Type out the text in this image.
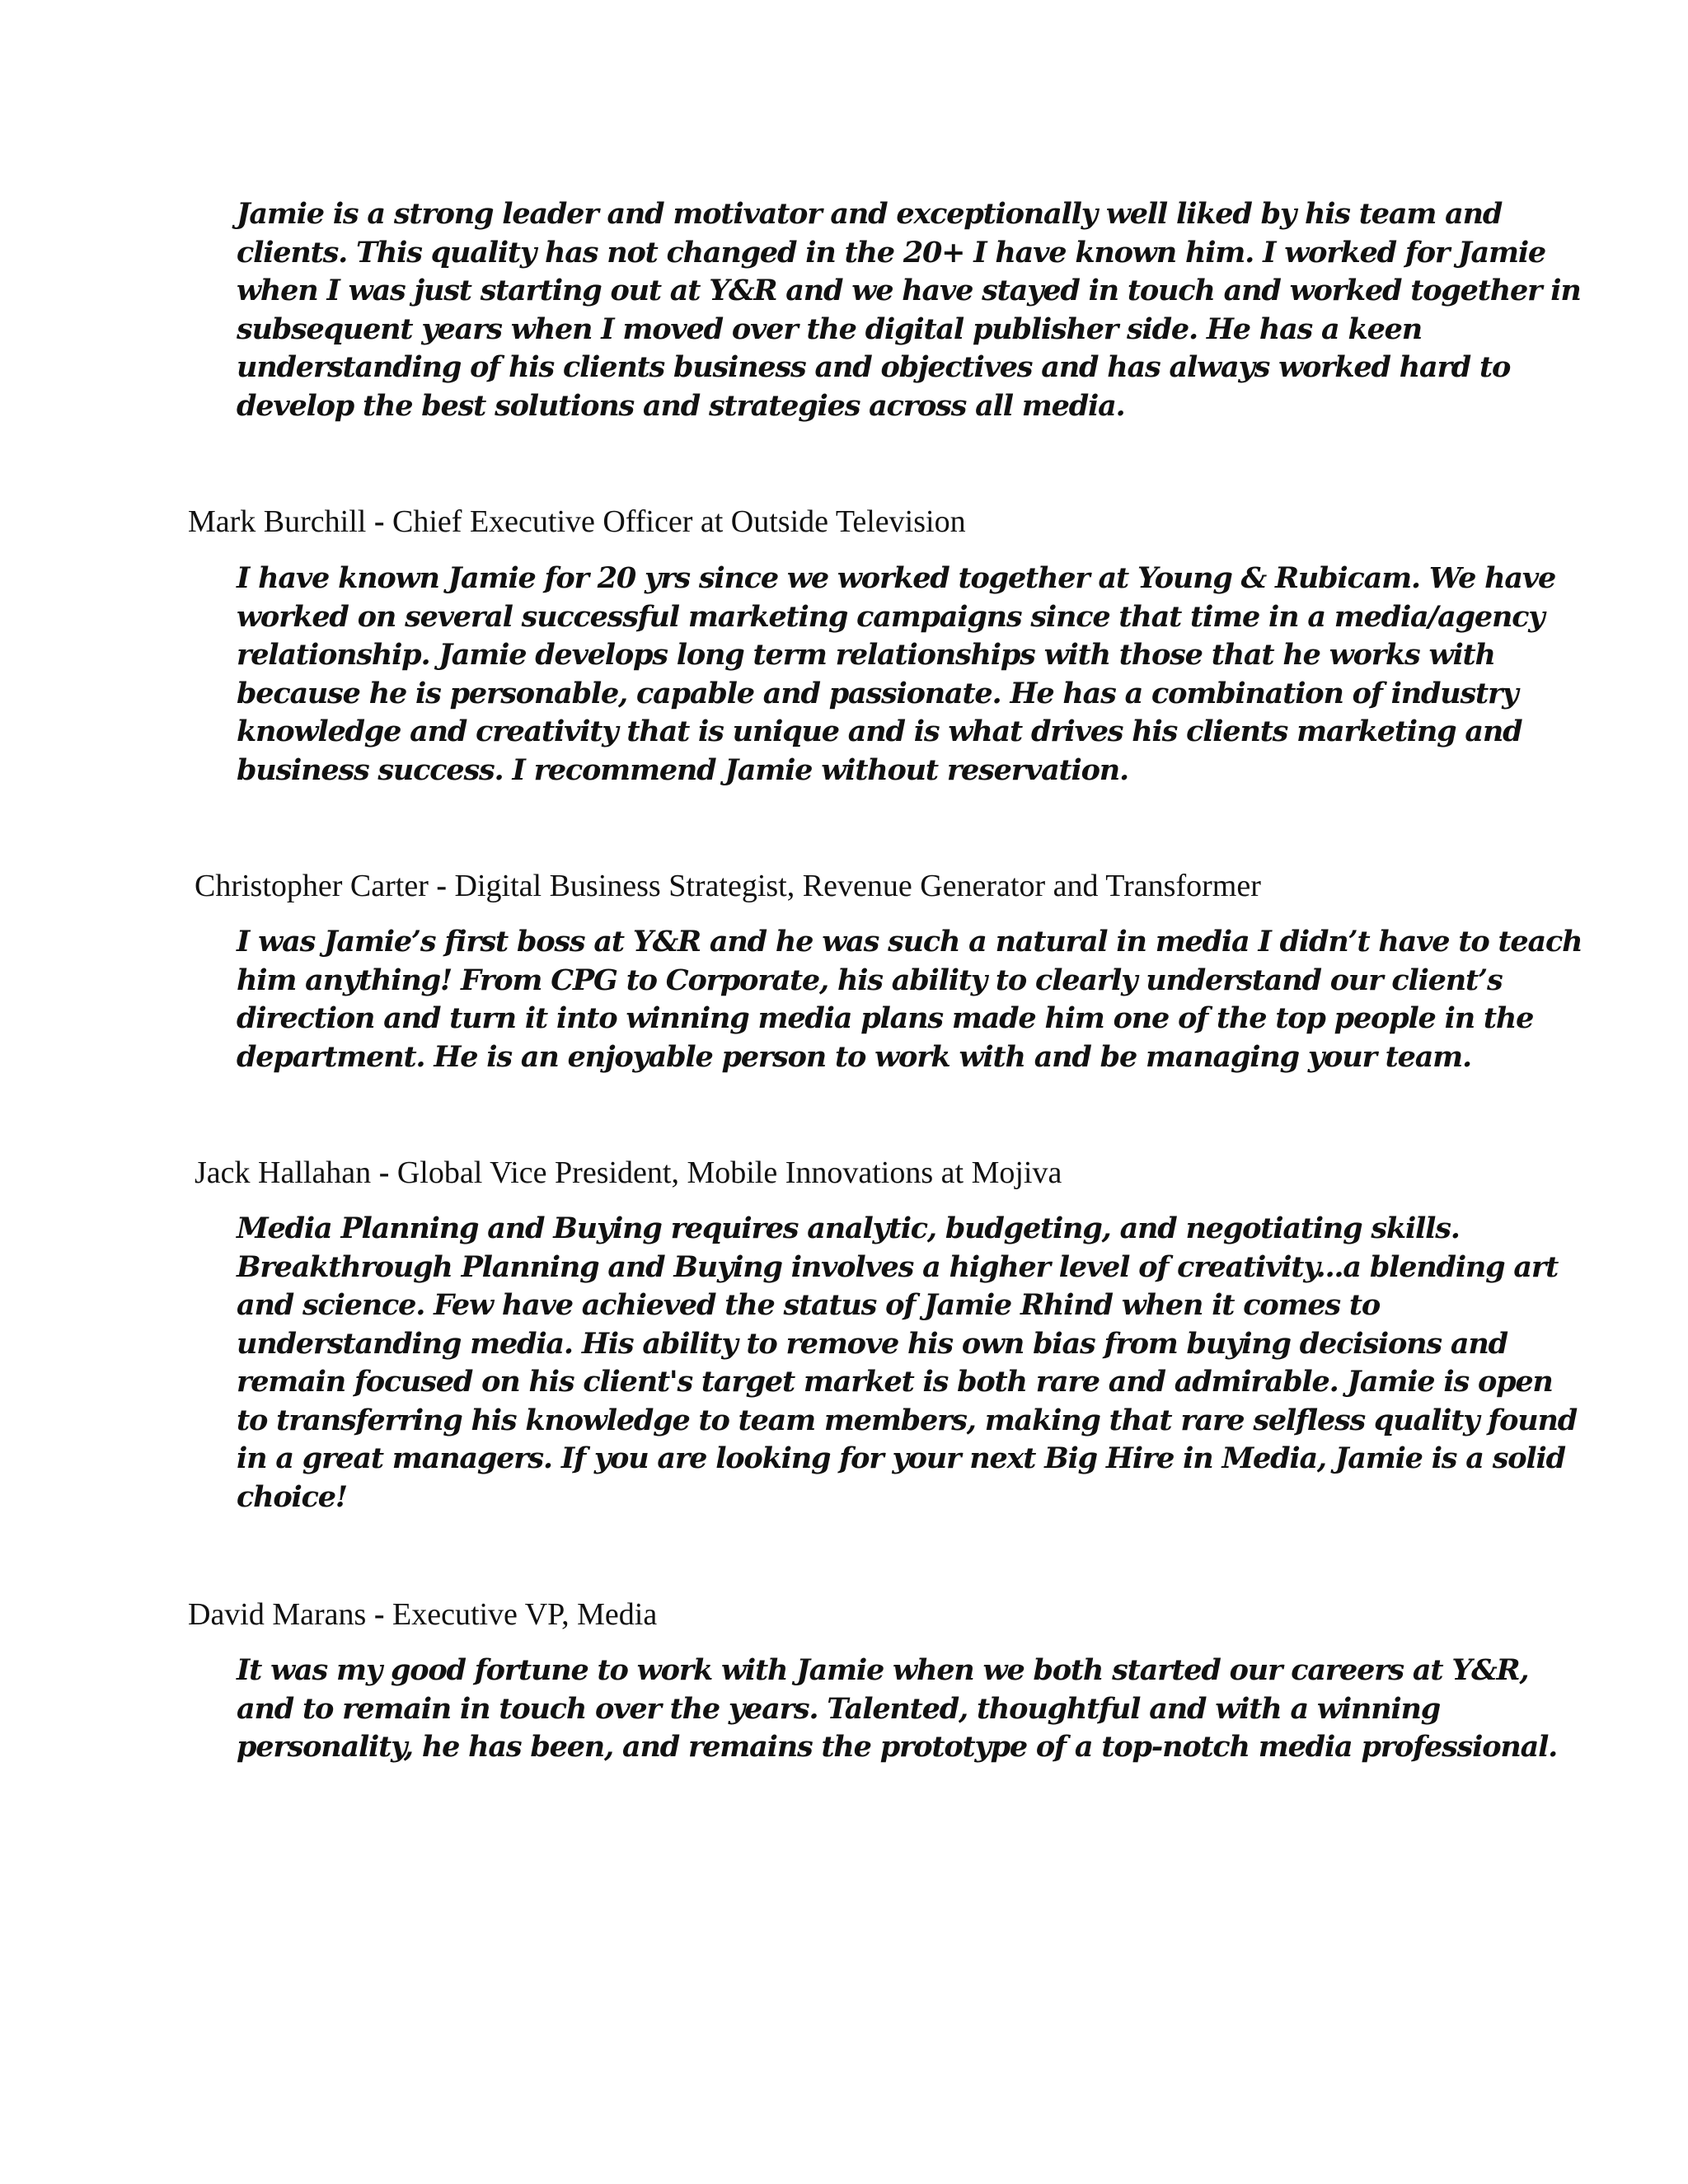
Jamie is a strong leader and motivator and exceptionally well liked by his team and
clients. This quality has not changed in the 20+ I have known him. I worked for Jamie
when I was just starting out at Y&R and we have stayed in touch and worked together in
subsequent years when I moved over the digital publisher side. He has a keen
understanding of his clients business and objectives and has always worked hard to
develop the best solutions and strategies across all media.
Mark Burchill - Chief Executive Officer at Outside Television
I have known Jamie for 20 yrs since we worked together at Young & Rubicam. We have
worked on several successful marketing campaigns since that time in a media/agency
relationship. Jamie develops long term relationships with those that he works with
because he is personable, capable and passionate. He has a combination of industry
knowledge and creativity that is unique and is what drives his clients marketing and
business success. I recommend Jamie without reservation.
Christopher Carter - Digital Business Strategist, Revenue Generator and Transformer
I was Jamie’s first boss at Y&R and he was such a natural in media I didn’t have to teach
him anything! From CPG to Corporate, his ability to clearly understand our client’s
direction and turn it into winning media plans made him one of the top people in the
department. He is an enjoyable person to work with and be managing your team.
Jack Hallahan - Global Vice President, Mobile Innovations at Mojiva
Media Planning and Buying requires analytic, budgeting, and negotiating skills.
Breakthrough Planning and Buying involves a higher level of creativity...a blending art
and science. Few have achieved the status of Jamie Rhind when it comes to
understanding media. His ability to remove his own bias from buying decisions and
remain focused on his client's target market is both rare and admirable. Jamie is open
to transferring his knowledge to team members, making that rare selfless quality found
in a great managers. If you are looking for your next Big Hire in Media, Jamie is a solid
choice!
David Marans - Executive VP, Media
It was my good fortune to work with Jamie when we both started our careers at Y&R,
and to remain in touch over the years. Talented, thoughtful and with a winning
personality, he has been, and remains the prototype of a top-notch media professional.
